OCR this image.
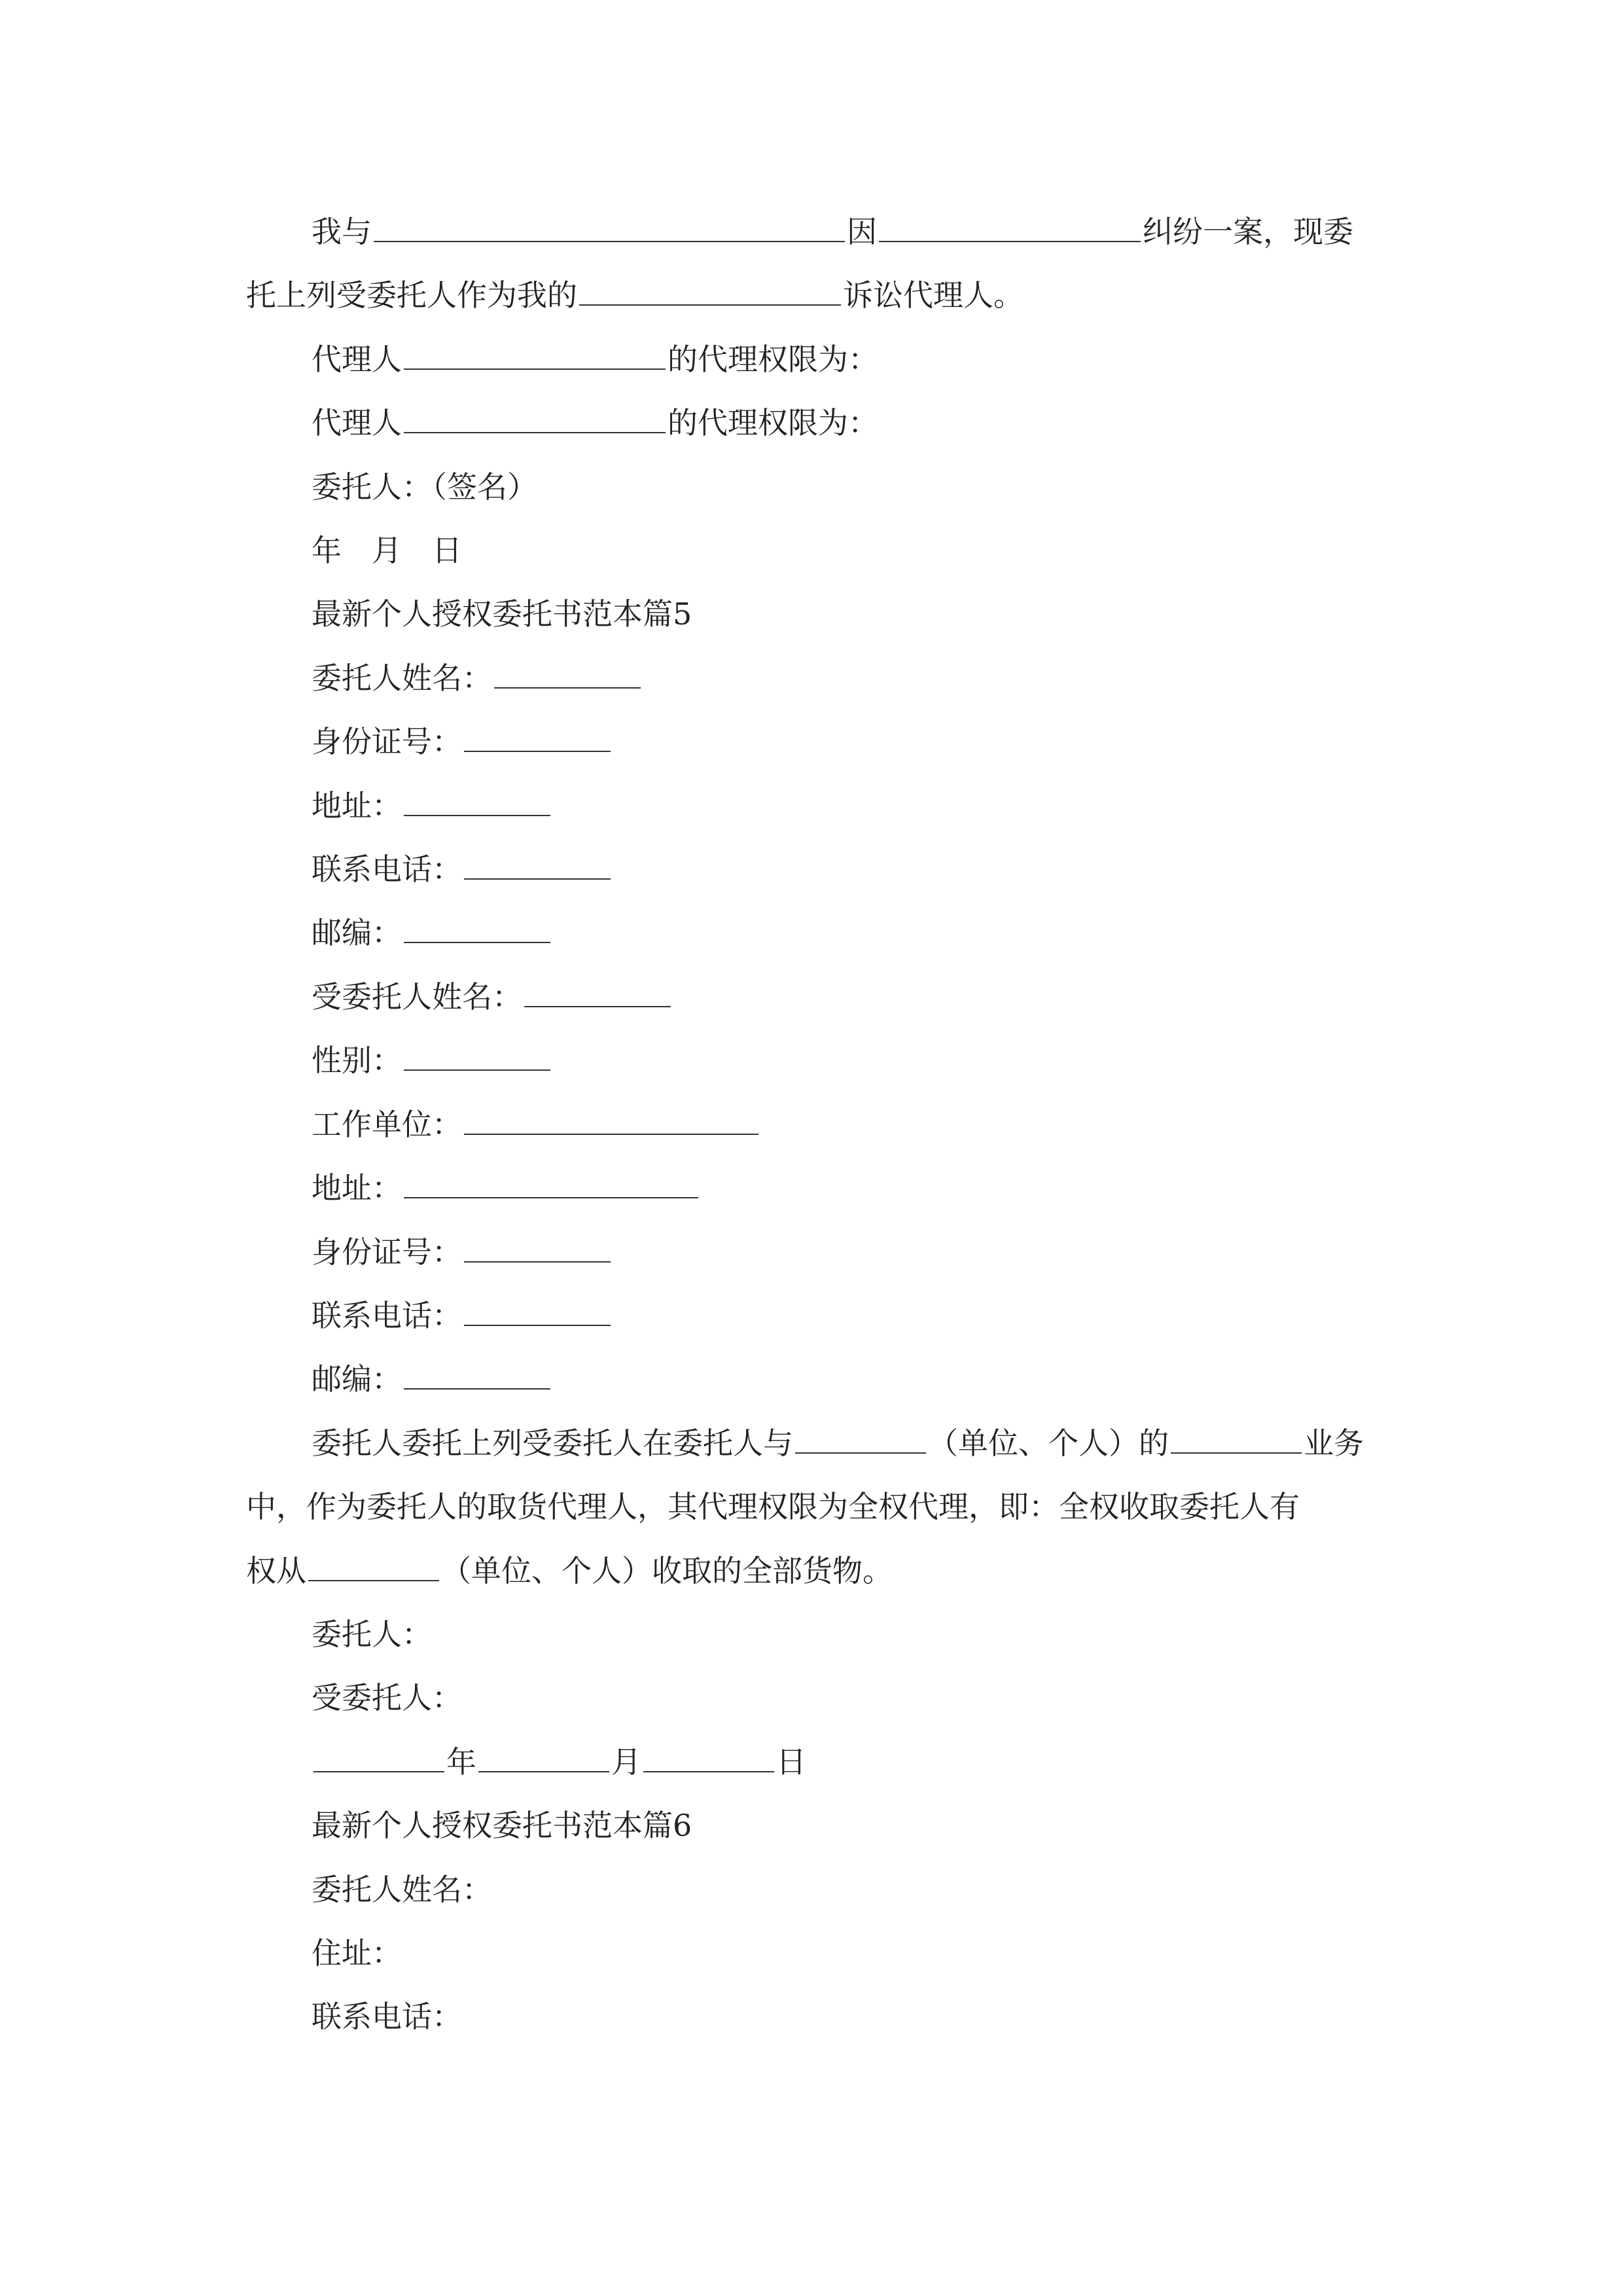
我与	因	纠纷一案，现委
托上列受委托人作为我的	诉讼代理人。
代理人	的代理权限为：
代理人	的代理权限为：
委托人：（签名）
年　月　日
最新个人授权委托书范本篇5
委托人姓名：
身份证号：
地址：
联系电话：
邮编：
受委托人姓名：
性别：
工作单位：
地址：
身份证号：
联系电话：
邮编：
委托人委托上列受委托人在委托人与	（单位、个人）的	业务
中，作为委托人的取货代理人，其代理权限为全权代理，即：全权收取委托人有
权从	（单位、个人）收取的全部货物。
委托人：
受委托人：
年	月	日
最新个人授权委托书范本篇6
委托人姓名：
住址：
联系电话：
